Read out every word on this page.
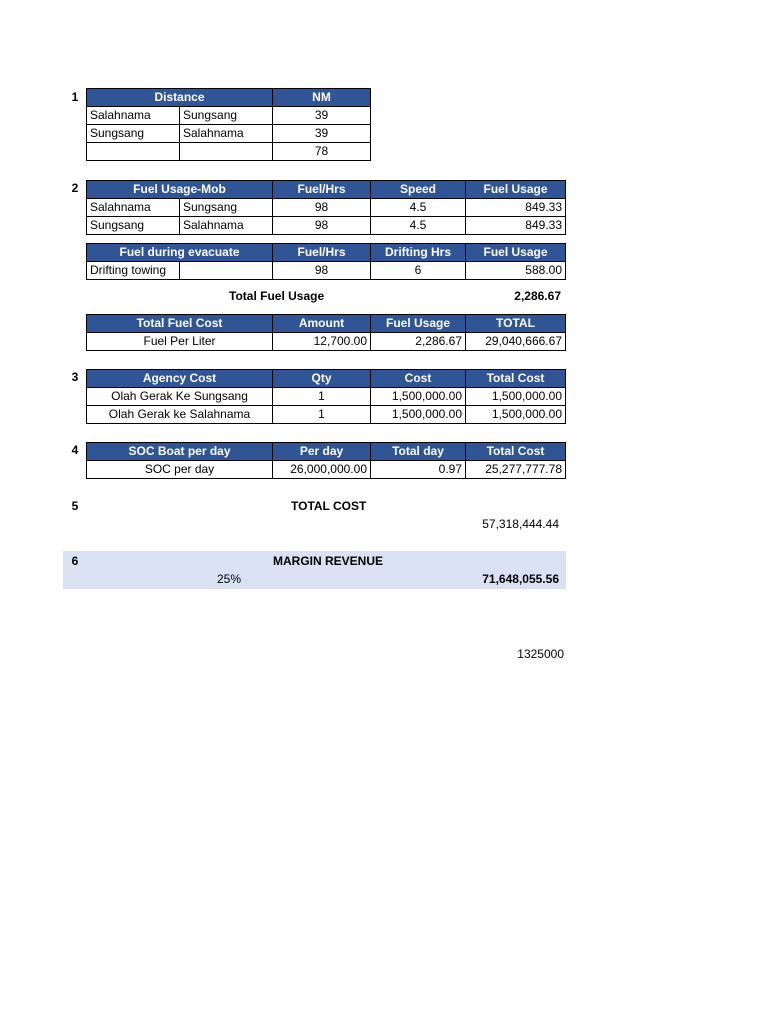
1
2
3
4
5
Distance		NM
Salahnama	Sungsang	39
Sungsang	Salahnama	39
		78
Fuel Usage-Mob		Fuel/Hrs	Speed	Fuel Usage
Salahnama	Sungsang	98	4.5	849.33
Sungsang	Salahnama	98	4.5	849.33
Fuel during evacuate		Fuel/Hrs	Drifting Hrs	Fuel Usage
Drifting towing		98	6	588.00
Total Fuel Usage	2,286.67
Total Fuel Cost	Amount	Fuel Usage	TOTAL
Fuel Per Liter	12,700.00	2,286.67	29,040,666.67
Agency Cost	Qty	Cost	Total Cost
Olah Gerak Ke Sungsang	1	1,500,000.00	1,500,000.00
Olah Gerak ke Salahnama	1	1,500,000.00	1,500,000.00
SOC Boat per day	Per day	Total day	Total Cost
SOC per day	26,000,000.00	0.97	25,277,777.78
TOTAL COST
57,318,444.44
6	MARGIN REVENUE
25%	71,648,055.56
1325000
